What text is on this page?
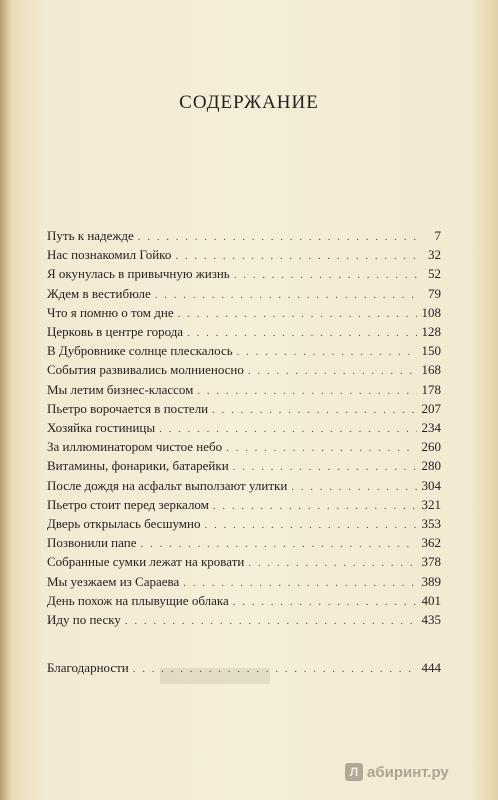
СОДЕРЖАНИЕ
Путь к надежде . . .	7
Нас познакомил Гойко . . .	32
Я окунулась в привычную жизнь . . .	52
Ждем в вестибюле . . .	79
Что я помню о том дне . . .	108
Церковь в центре города . . .	128
В Дубровнике солнце плескалось . . .	150
События развивались молниеносно . . .	168
Мы летим бизнес-классом . . .	178
Пьетро ворочается в постели . . .	207
Хозяйка гостиницы . . .	234
За иллюминатором чистое небо . . .	260
Витамины, фонарики, батарейки . . .	280
После дождя на асфальт выползают улитки . . .	304
Пьетро стоит перед зеркалом . . .	321
Дверь открылась бесшумно . . .	353
Позвонили папе . . .	362
Собранные сумки лежат на кровати . . .	378
Мы уезжаем из Сараева . . .	389
День похож на плывущие облака . . .	401
Иду по песку . . .	435
Благодарности . . .	444
Л абиринт.ру
